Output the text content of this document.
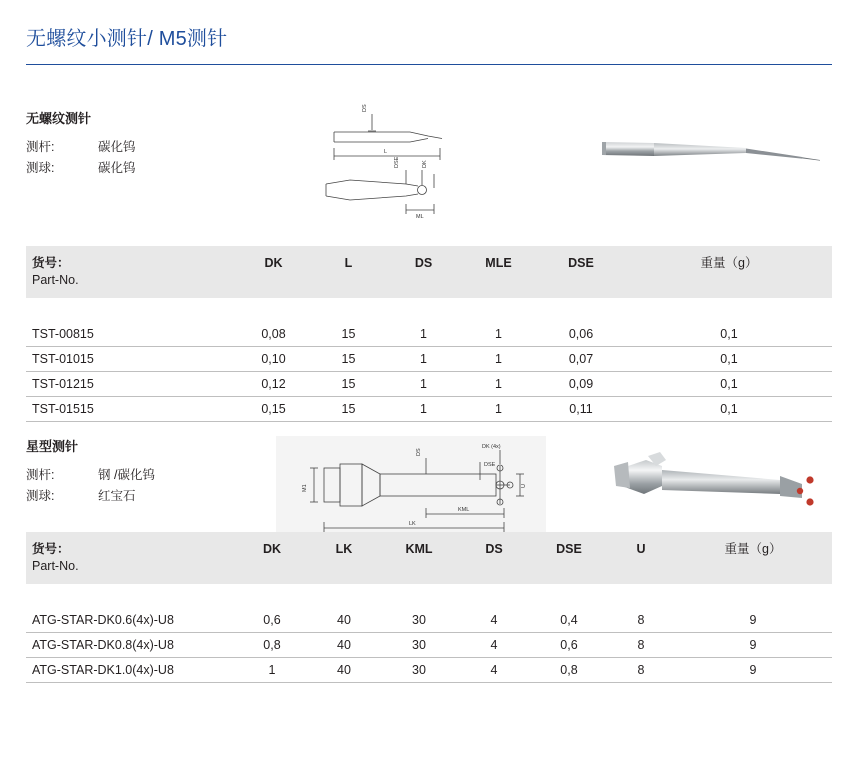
无螺纹小测针/ M5测针
无螺纹测针
测杆:	碳化钨
测球:	碳化钨
DS
L
DSE	DK
ML
货号：
Part-No.	DK	L	DS	MLE	DSE	重量（g）

TST-00815	0,08	15	1	1	0,06	0,1
TST-01015	0,10	15	1	1	0,07	0,1
TST-01215	0,12	15	1	1	0,09	0,1
TST-01515	0,15	15	1	1	0,11	0,1
星型测针
测杆:	钢 /碳化钨
测球:	红宝石
DK (4x)
DS
DSE
U
M1
KML
LK
货号：
Part-No.	DK	LK	KML	DS	DSE	U	重量（g）

ATG-STAR-DK0.6(4x)-U8	0,6	40	30	4	0,4	8	9
ATG-STAR-DK0.8(4x)-U8	0,8	40	30	4	0,6	8	9
ATG-STAR-DK1.0(4x)-U8	1	40	30	4	0,8	8	9
